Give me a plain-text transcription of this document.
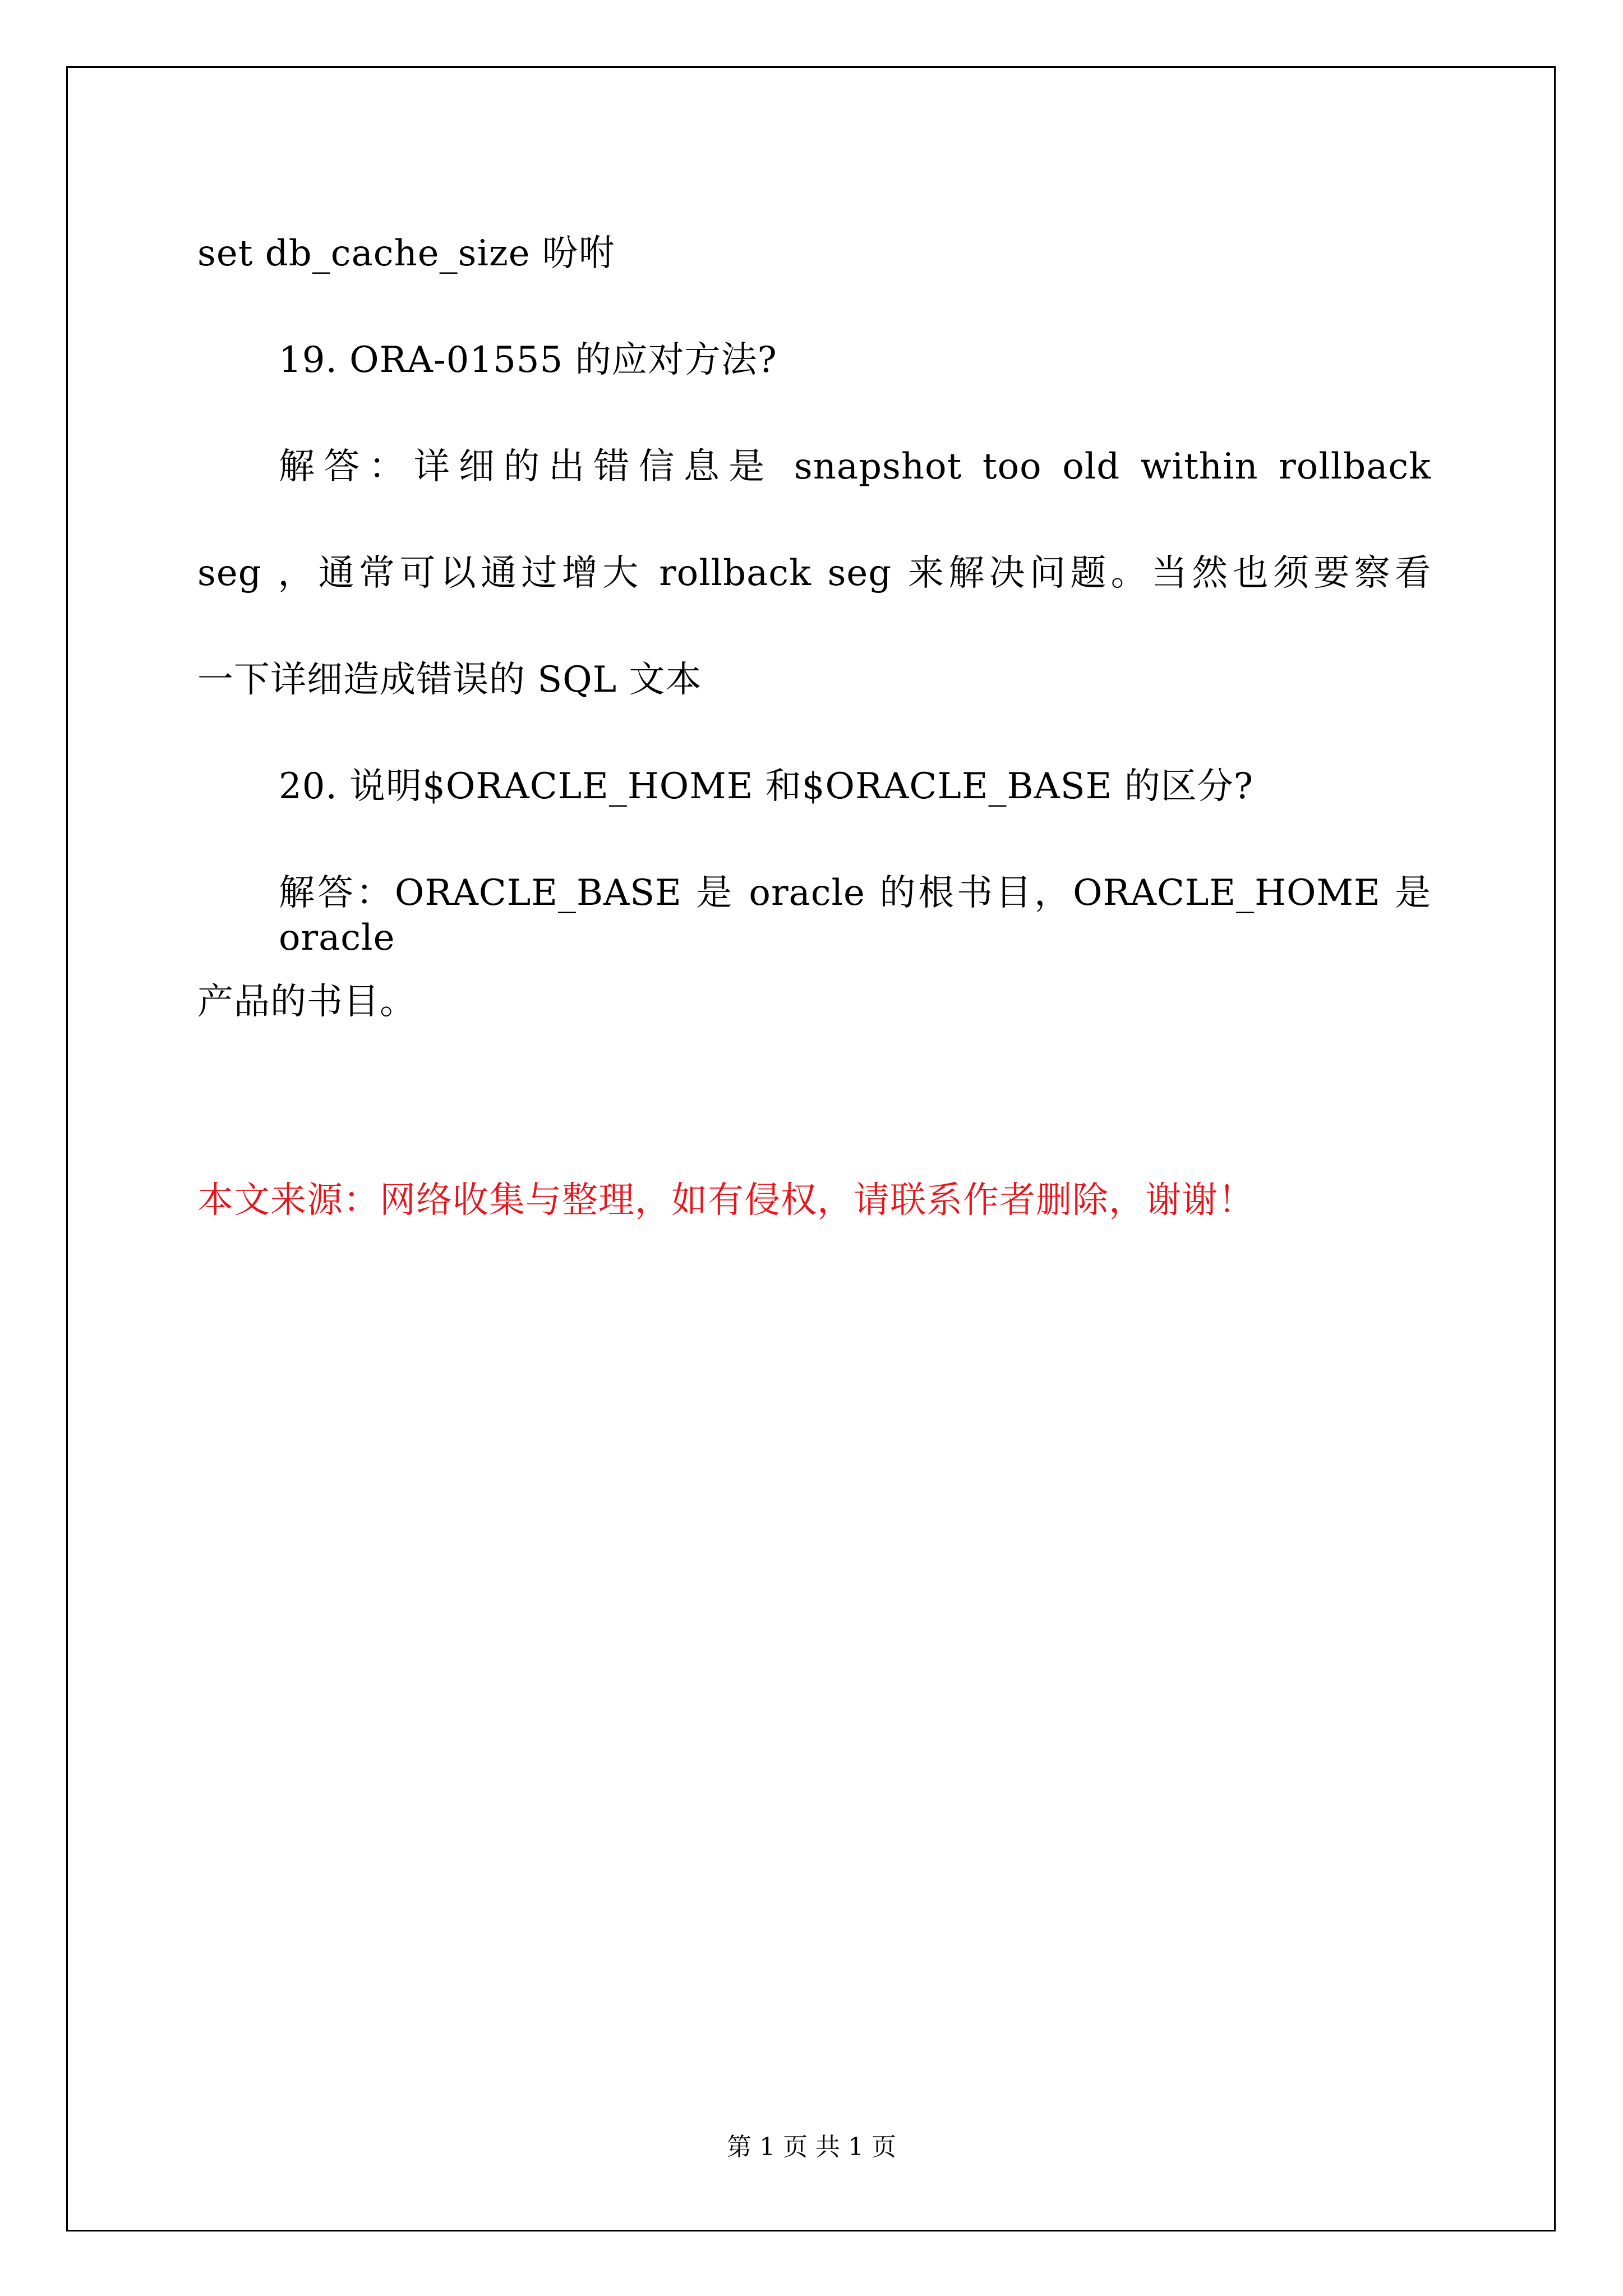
set db_cache_size 吩咐
19. ORA-01555 的应对方法?
解答：详细的出错信息是 snapshot too old within rollback
seg ，通常可以通过增大 rollback seg 来解决问题。当然也须要察看
一下详细造成错误的 SQL 文本
20. 说明$ORACLE_HOME 和$ORACLE_BASE 的区分?
解答：ORACLE_BASE 是 oracle 的根书目，ORACLE_HOME 是 oracle
产品的书目。
本文来源：网络收集与整理，如有侵权，请联系作者删除，谢谢！
第 1 页 共 1 页
